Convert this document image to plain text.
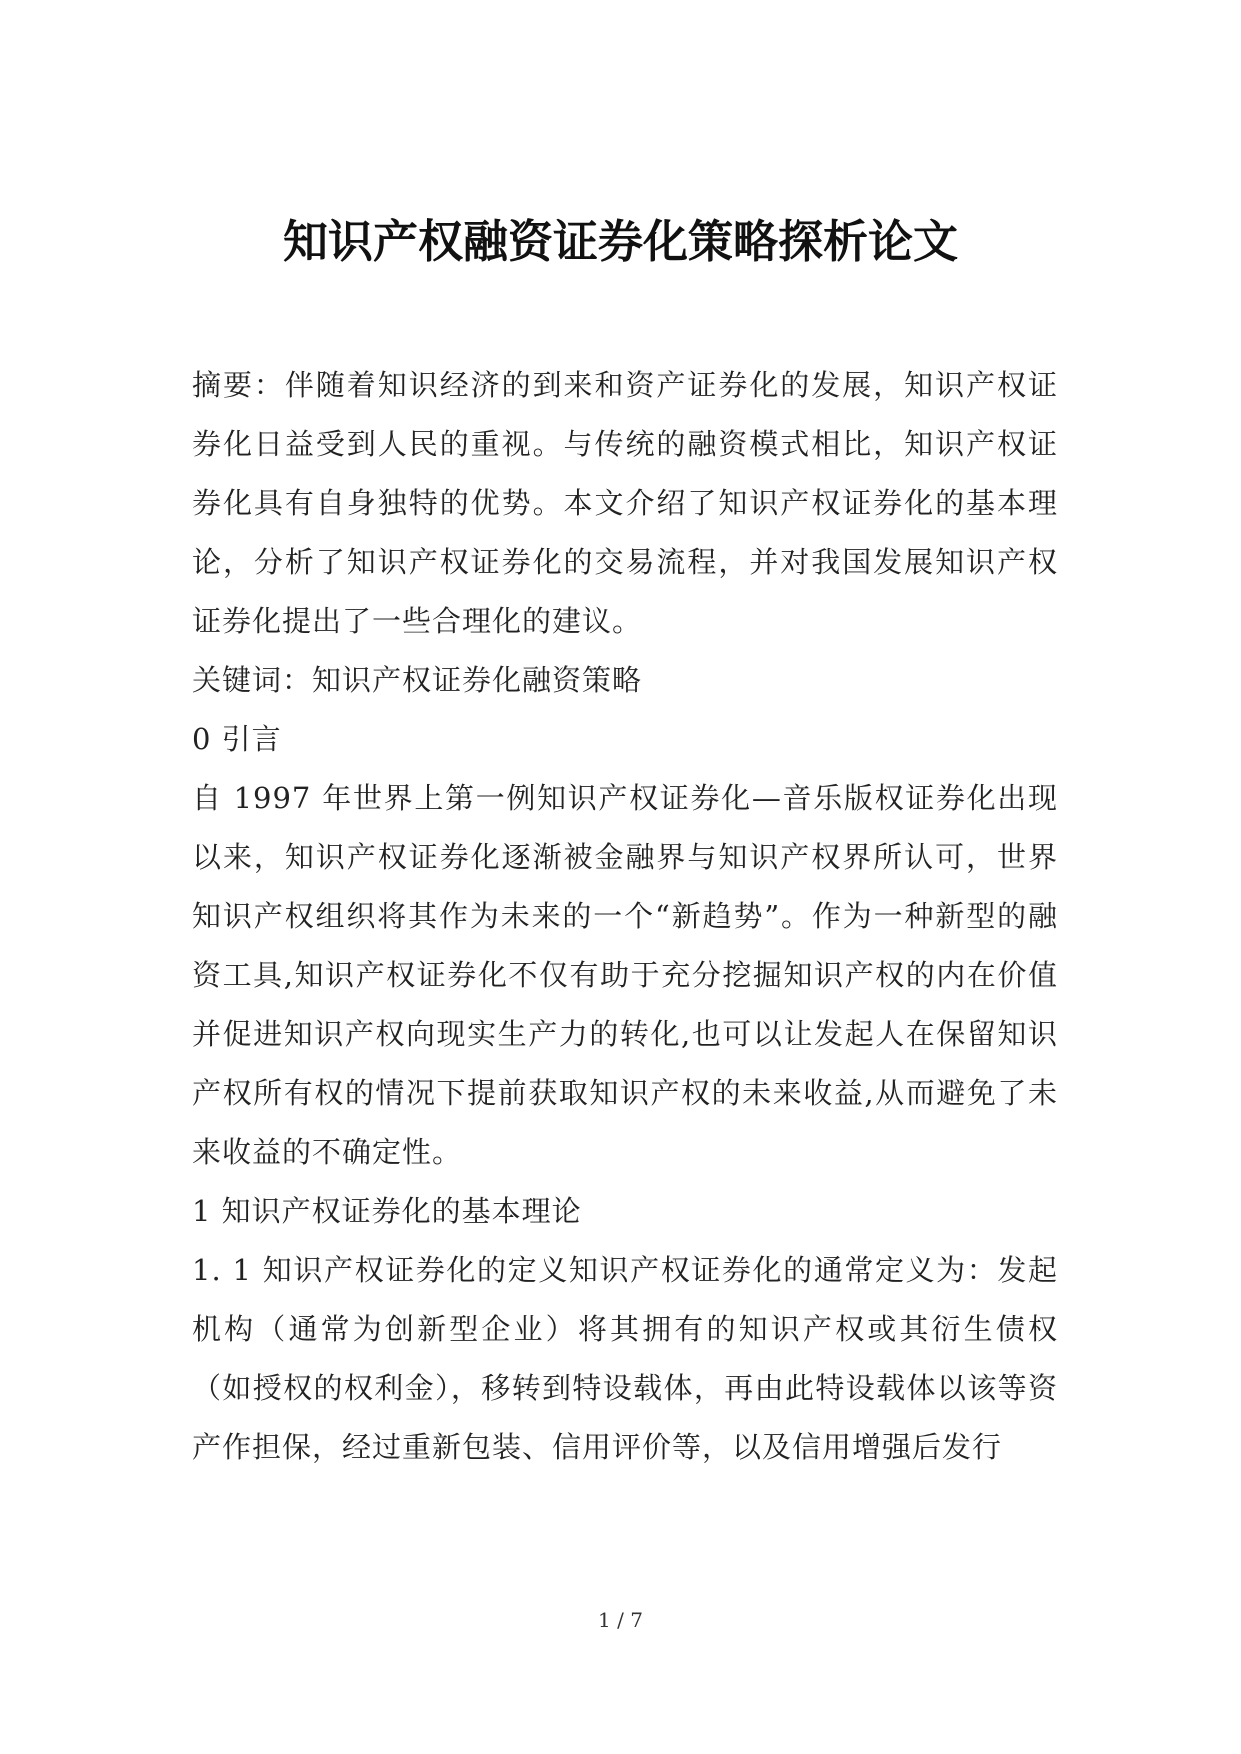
知识产权融资证券化策略探析论文

摘要：伴随着知识经济的到来和资产证券化的发展，知识产权证券化日益受到人民的重视。与传统的融资模式相比，知识产权证券化具有自身独特的优势。本文介绍了知识产权证券化的基本理论，分析了知识产权证券化的交易流程，并对我国发展知识产权证券化提出了一些合理化的建议。

关键词：知识产权证券化融资策略

0 引言

自 1997 年世界上第一例知识产权证券化—音乐版权证券化出现以来，知识产权证券化逐渐被金融界与知识产权界所认可，世界知识产权组织将其作为未来的一个“新趋势”。作为一种新型的融资工具,知识产权证券化不仅有助于充分挖掘知识产权的内在价值并促进知识产权向现实生产力的转化,也可以让发起人在保留知识产权所有权的情况下提前获取知识产权的未来收益,从而避免了未来收益的不确定性。

1 知识产权证券化的基本理论

1. 1 知识产权证券化的定义知识产权证券化的通常定义为：发起机构（通常为创新型企业）将其拥有的知识产权或其衍生债权（如授权的权利金），移转到特设载体，再由此特设载体以该等资产作担保，经过重新包装、信用评价等，以及信用增强后发行

1 / 7
